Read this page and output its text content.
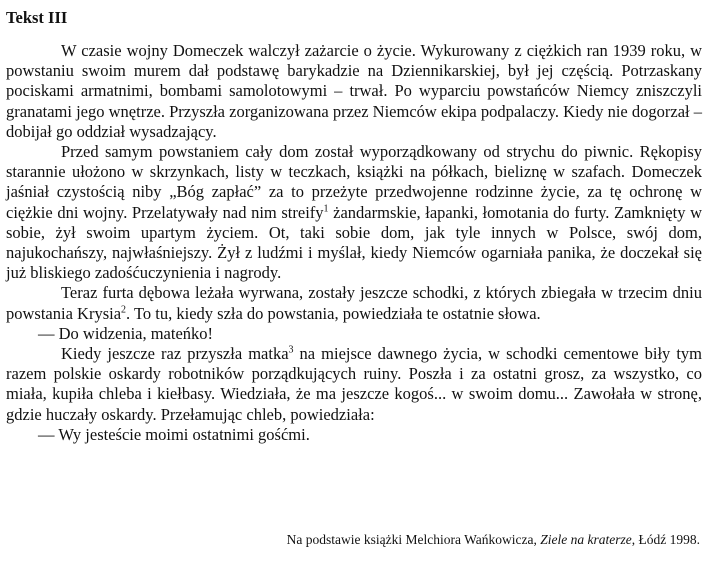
Tekst III

W czasie wojny Domeczek walczył zażarcie o życie. Wykurowany z ciężkich ran 1939 roku, w powstaniu swoim murem dał podstawę barykadzie na Dziennikarskiej, był jej częścią. Potrzaskany pociskami armatnimi, bombami samolotowymi – trwał. Po wyparciu powstańców Niemcy zniszczyli granatami jego wnętrze. Przyszła zorganizowana przez Niemców ekipa podpalaczy. Kiedy nie dogorzał – dobijał go oddział wysadzający.

Przed samym powstaniem cały dom został wyporządkowany od strychu do piwnic. Rękopisy starannie ułożono w skrzynkach, listy w teczkach, książki na półkach, bieliznę w szafach. Domeczek jaśniał czystością niby „Bóg zapłać” za to przeżyte przedwojenne rodzinne życie, za tę ochronę w ciężkie dni wojny. Przelatywały nad nim streify$^1$ żandarmskie, łapanki, łomotania do furty. Zamknięty w sobie, żył swoim upartym życiem. Ot, taki sobie dom, jak tyle innych w Polsce, swój dom, najukochańszy, najwłaśniejszy. Żył z ludźmi i myślał, kiedy Niemców ogarniała panika, że doczekał się już bliskiego zadośćuczynienia i nagrody.

Teraz furta dębowa leżała wyrwana, zostały jeszcze schodki, z których zbiegała w trzecim dniu powstania Krysia$^2$. To tu, kiedy szła do powstania, powiedziała te ostatnie słowa.

— Do widzenia, mateńko!

Kiedy jeszcze raz przyszła matka$^3$ na miejsce dawnego życia, w schodki cementowe biły tym razem polskie oskardy robotników porządkujących ruiny. Poszła i za ostatni grosz, za wszystko, co miała, kupiła chleba i kiełbasy. Wiedziała, że ma jeszcze kogoś... w swoim domu... Zawołała w stronę, gdzie huczały oskardy. Przełamując chleb, powiedziała:

— Wy jesteście moimi ostatnimi gośćmi.

Na podstawie książki Melchiora Wańkowicza, Ziele na kraterze, Łódź 1998.
